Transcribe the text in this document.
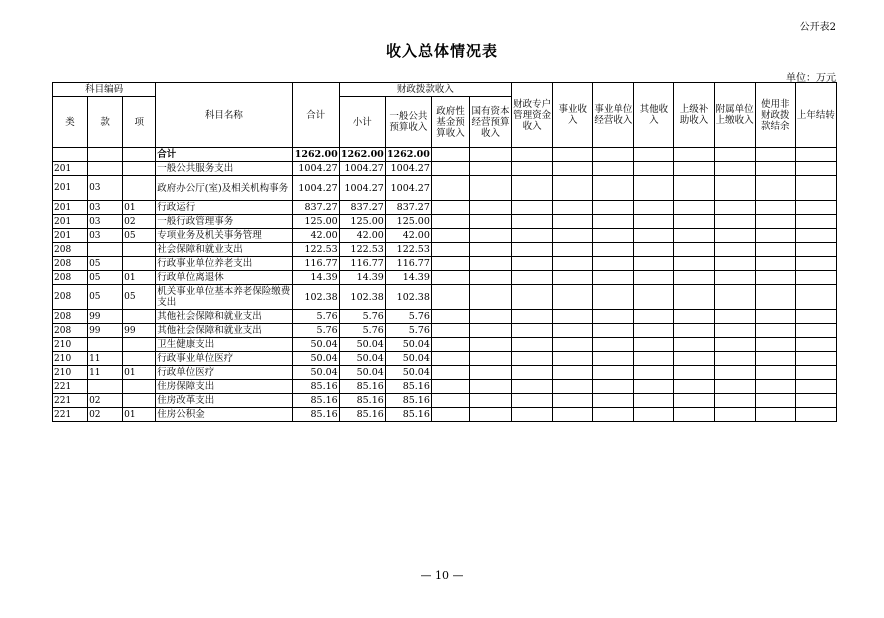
公开表2
收入总体情况表
单位：万元
科目编码			科目名称	合计	财政拨款收入				财政专户管理资金收入	事业收入	事业单位经营收入	其他收入	上级补助收入	附属单位上缴收入	使用非财政拨款结余	上年结转
类	款	项			小计	一般公共预算收入	政府性基金预算收入	国有资本经营预算收入								
			合计	1262.00	1262.00	1262.00										
201			一般公共服务支出	1004.27	1004.27	1004.27										
201	03		政府办公厅(室)及相关机构事务	1004.27	1004.27	1004.27										
201	03	01	行政运行	837.27	837.27	837.27										
201	03	02	一般行政管理事务	125.00	125.00	125.00										
201	03	05	专项业务及机关事务管理	42.00	42.00	42.00										
208			社会保障和就业支出	122.53	122.53	122.53										
208	05		行政事业单位养老支出	116.77	116.77	116.77										
208	05	01	行政单位离退休	14.39	14.39	14.39										
208	05	05	机关事业单位基本养老保险缴费支出	102.38	102.38	102.38										
208	99		其他社会保障和就业支出	5.76	5.76	5.76										
208	99	99	其他社会保障和就业支出	5.76	5.76	5.76										
210			卫生健康支出	50.04	50.04	50.04										
210	11		行政事业单位医疗	50.04	50.04	50.04										
210	11	01	行政单位医疗	50.04	50.04	50.04										
221			住房保障支出	85.16	85.16	85.16										
221	02		住房改革支出	85.16	85.16	85.16										
221	02	01	住房公积金	85.16	85.16	85.16										
— 10 —
